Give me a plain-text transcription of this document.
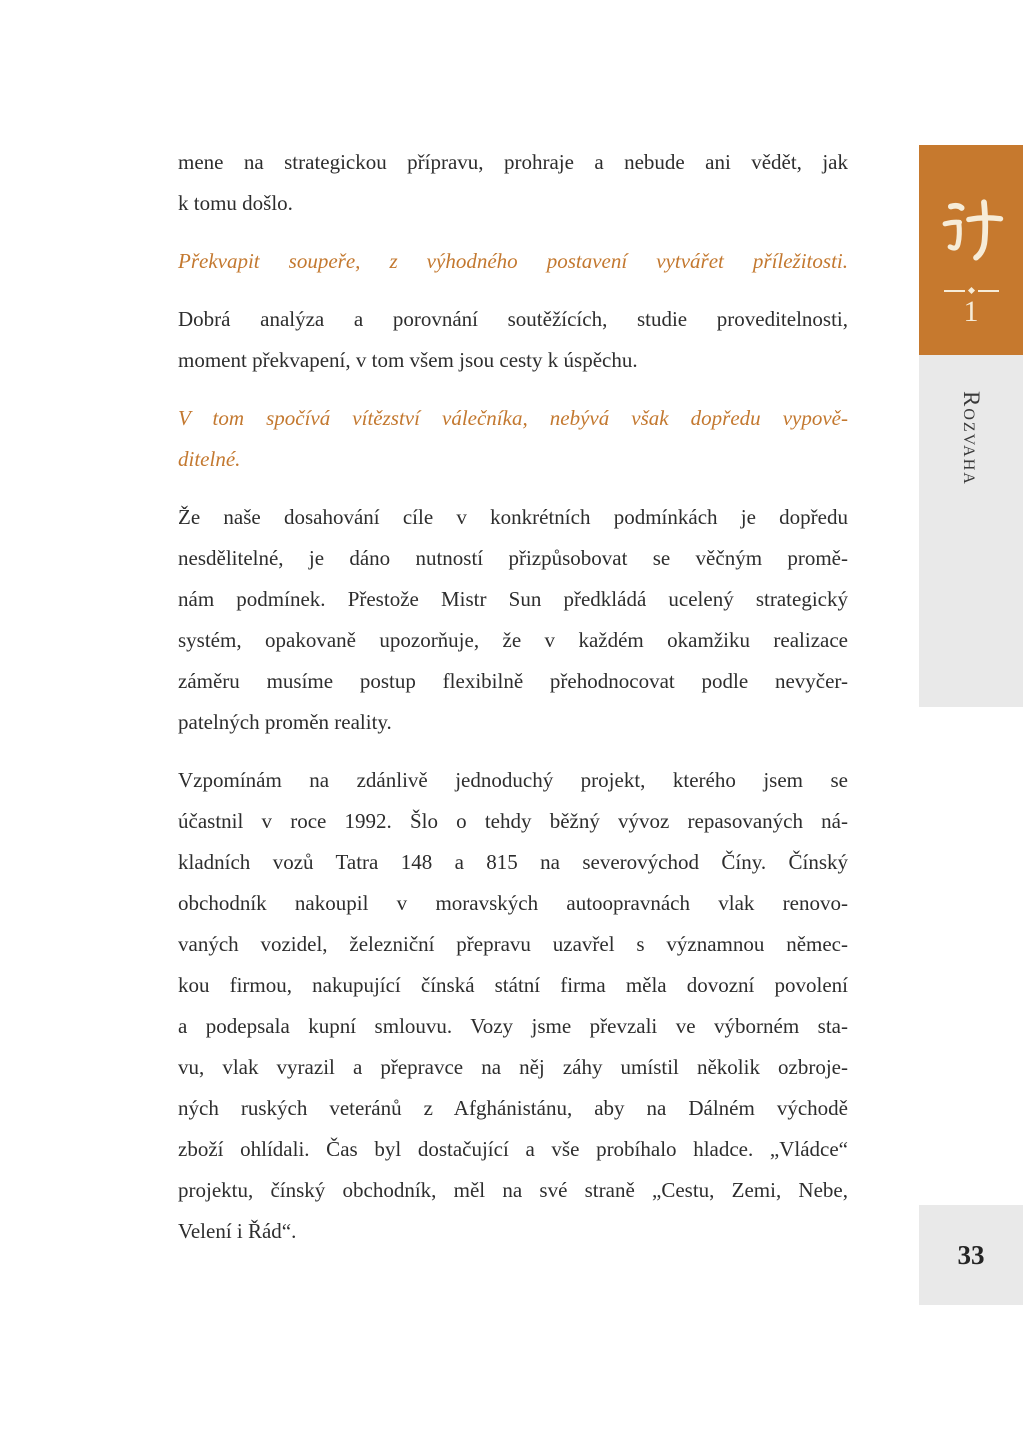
mene na strategickou přípravu, prohraje a nebude ani vědět, jak
k tomu došlo.
Překvapit soupeře, z výhodného postavení vytvářet příležitosti.
Dobrá analýza a porovnání soutěžících, studie proveditelnosti,
moment překvapení, v tom všem jsou cesty k úspěchu.
V tom spočívá vítězství válečníka, nebývá však dopředu vypově-
ditelné.
Že naše dosahování cíle v konkrétních podmínkách je dopředu
nesdělitelné, je dáno nutností přizpůsobovat se věčným promě-
nám podmínek. Přestože Mistr Sun předkládá ucelený strategický
systém, opakovaně upozorňuje, že v každém okamžiku realizace
záměru musíme postup flexibilně přehodnocovat podle nevyčer-
patelných proměn reality.
Vzpomínám na zdánlivě jednoduchý projekt, kterého jsem se
účastnil v roce 1992. Šlo o tehdy běžný vývoz repasovaných ná-
kladních vozů Tatra 148 a 815 na severovýchod Číny. Čínský
obchodník nakoupil v moravských autoopravnách vlak renovo-
vaných vozidel, železniční přepravu uzavřel s významnou němec-
kou firmou, nakupující čínská státní firma měla dovozní povolení
a podepsala kupní smlouvu. Vozy jsme převzali ve výborném sta-
vu, vlak vyrazil a přepravce na něj záhy umístil několik ozbroje-
ných ruských veteránů z Afghánistánu, aby na Dálném východě
zboží ohlídali. Čas byl dostačující a vše probíhalo hladce. „Vládce“
projektu, čínský obchodník, měl na své straně „Cestu, Zemi, Nebe,
Velení i Řád“.
1
Rozvaha
33
